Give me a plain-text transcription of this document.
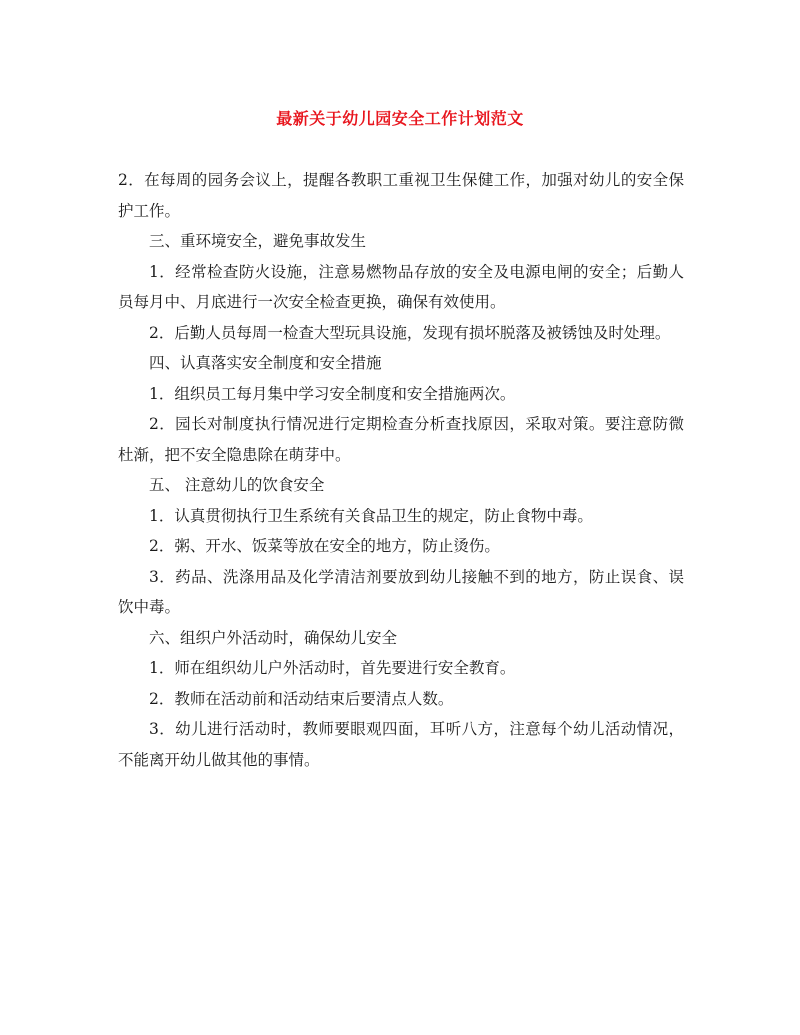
最新关于幼儿园安全工作计划范文

2．在每周的园务会议上，提醒各教职工重视卫生保健工作，加强对幼儿的安全保护工作。

三、重环境安全，避免事故发生

1．经常检查防火设施，注意易燃物品存放的安全及电源电闸的安全；后勤人员每月中、月底进行一次安全检查更换，确保有效使用。

2．后勤人员每周一检查大型玩具设施，发现有损坏脱落及被锈蚀及时处理。

四、认真落实安全制度和安全措施

1．组织员工每月集中学习安全制度和安全措施两次。

2．园长对制度执行情况进行定期检查分析查找原因，采取对策。要注意防微杜渐，把不安全隐患除在萌芽中。

五、 注意幼儿的饮食安全

1．认真贯彻执行卫生系统有关食品卫生的规定，防止食物中毒。

2．粥、开水、饭菜等放在安全的地方，防止烫伤。

3．药品、洗涤用品及化学清洁剂要放到幼儿接触不到的地方，防止误食、误饮中毒。

六、组织户外活动时，确保幼儿安全

1．师在组织幼儿户外活动时，首先要进行安全教育。

2．教师在活动前和活动结束后要清点人数。

3．幼儿进行活动时，教师要眼观四面，耳听八方，注意每个幼儿活动情况，不能离开幼儿做其他的事情。
